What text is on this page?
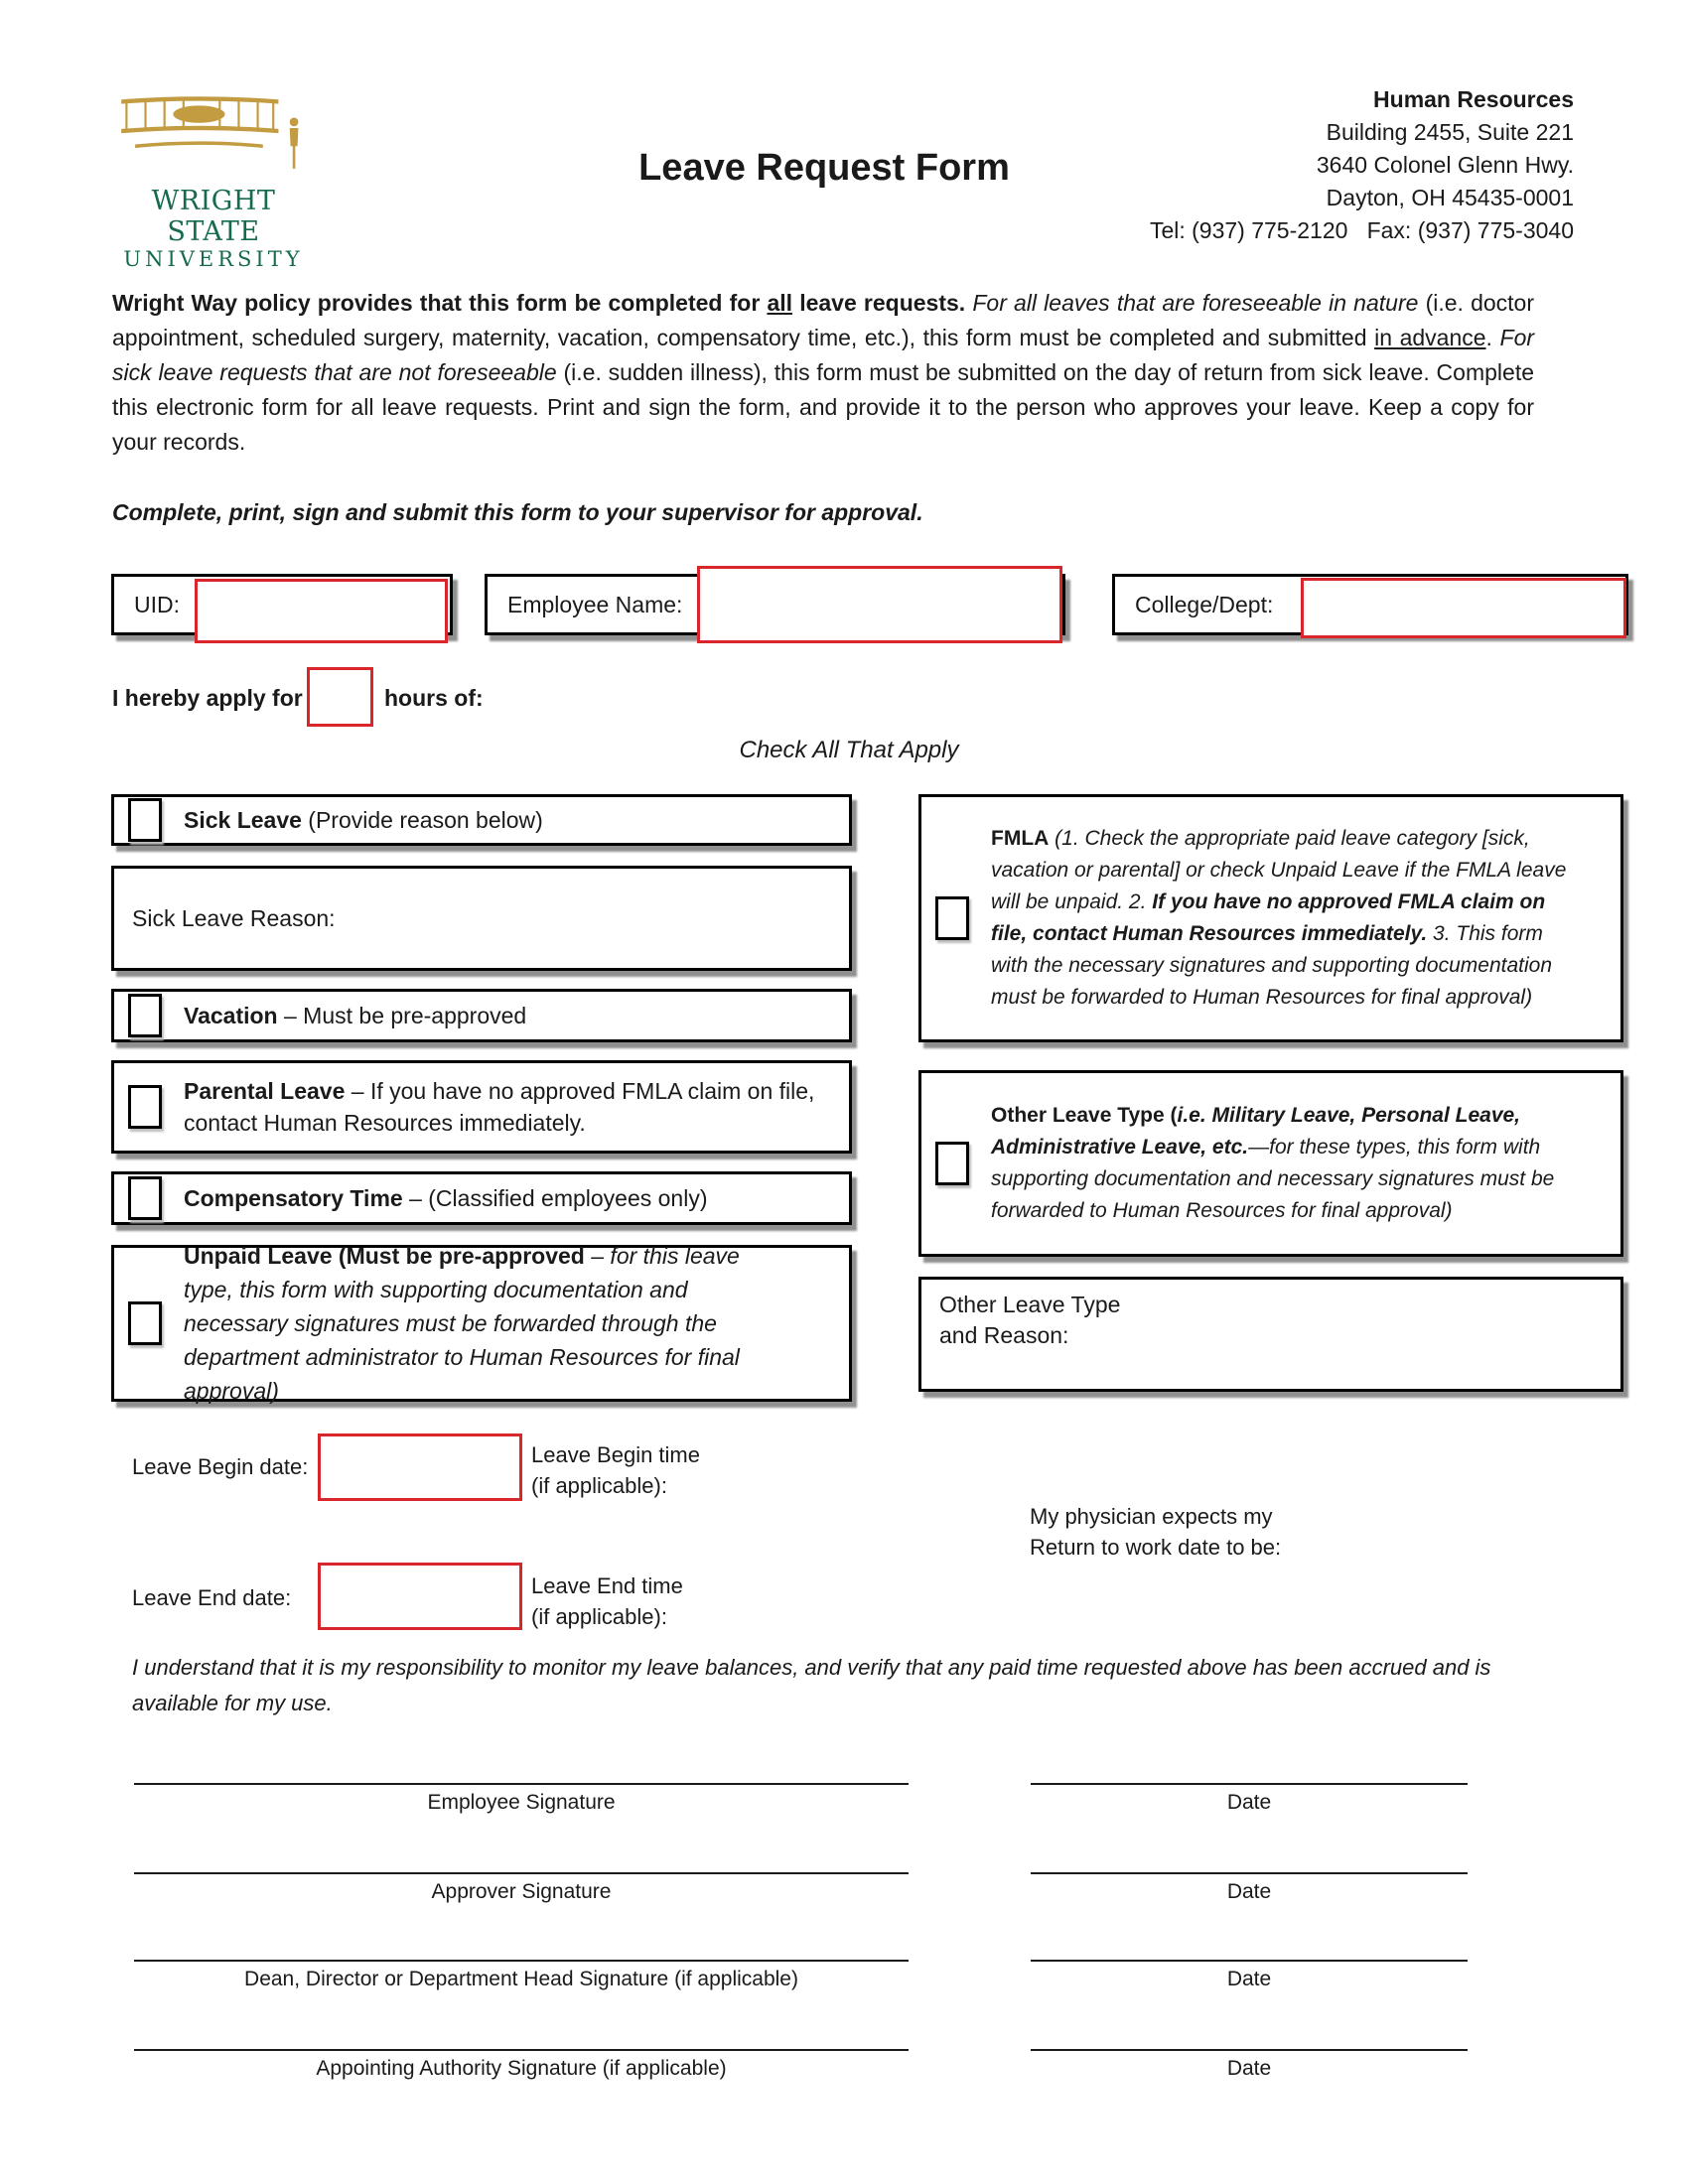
WRIGHT STATE
UNIVERSITY
Leave Request Form
Human Resources
Building 2455, Suite 221
3640 Colonel Glenn Hwy.
Dayton, OH 45435-0001
Tel: (937) 775-2120   Fax: (937) 775-3040

Wright Way policy provides that this form be completed for all leave requests. For all leaves that are foreseeable in nature (i.e. doctor appointment, scheduled surgery, maternity, vacation, compensatory time, etc.), this form must be completed and submitted in advance. For sick leave requests that are not foreseeable (i.e. sudden illness), this form must be submitted on the day of return from sick leave. Complete this electronic form for all leave requests. Print and sign the form, and provide it to the person who approves your leave. Keep a copy for your records.

Complete, print, sign and submit this form to your supervisor for approval.
UID:	Employee Name:	College/Dept:
I hereby apply for	hours of:
Check All That Apply
Sick Leave (Provide reason below)
Sick Leave Reason:
Vacation – Must be pre-approved
Parental Leave – If you have no approved FMLA claim on file, contact Human Resources immediately.
Compensatory Time – (Classified employees only)
Unpaid Leave (Must be pre-approved – for this leave type, this form with supporting documentation and necessary signatures must be forwarded through the department administrator to Human Resources for final approval)
FMLA (1. Check the appropriate paid leave category [sick, vacation or parental] or check Unpaid Leave if the FMLA leave will be unpaid. 2. If you have no approved FMLA claim on file, contact Human Resources immediately. 3. This form with the necessary signatures and supporting documentation must be forwarded to Human Resources for final approval)
Other Leave Type (i.e. Military Leave, Personal Leave, Administrative Leave, etc.—for these types, this form with supporting documentation and necessary signatures must be forwarded to Human Resources for final approval)
Other Leave Type
and Reason:
Leave Begin date:	Leave Begin time
(if applicable):
My physician expects my
Return to work date to be:
Leave End date:	Leave End time
(if applicable):

I understand that it is my responsibility to monitor my leave balances, and verify that any paid time requested above has been accrued and is available for my use.

Employee Signature	Date
Approver Signature	Date
Dean, Director or Department Head Signature (if applicable)	Date
Appointing Authority Signature (if applicable)	Date
